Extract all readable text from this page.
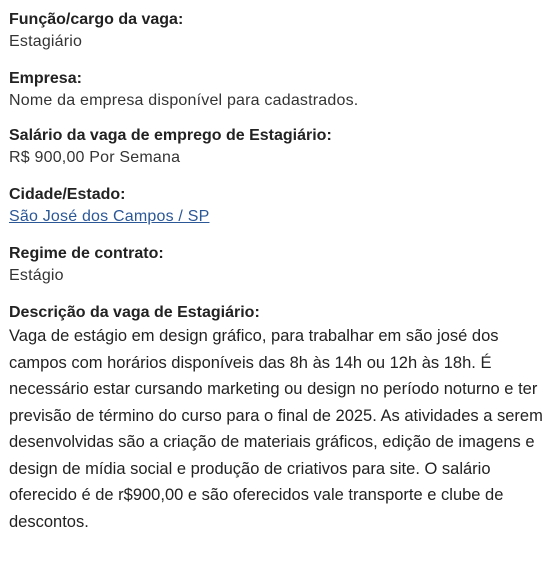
Função/cargo da vaga:
Estagiário
Empresa:
Nome da empresa disponível para cadastrados.
Salário da vaga de emprego de Estagiário:
R$ 900,00 Por Semana
Cidade/Estado:
São José dos Campos / SP
Regime de contrato:
Estágio
Descrição da vaga de Estagiário:
Vaga de estágio em design gráfico, para trabalhar em são josé dos campos com horários disponíveis das 8h às 14h ou 12h às 18h. É necessário estar cursando marketing ou design no período noturno e ter previsão de término do curso para o final de 2025. As atividades a serem desenvolvidas são a criação de materiais gráficos, edição de imagens e design de mídia social e produção de criativos para site. O salário oferecido é de r$900,00 e são oferecidos vale transporte e clube de descontos.
